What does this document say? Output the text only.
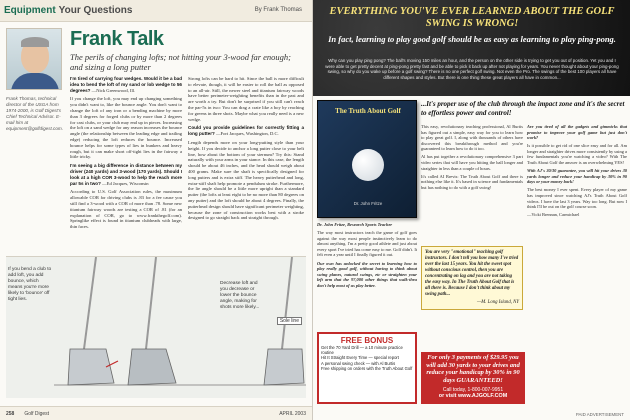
Equipment Your Questions	By Frank Thomas
Frank Talk
The perils of changing lofts; not hitting your 3-wood far enough; and sizing a long putter
Frank Thomas, technical director of the USGA from 1974-2000, is Golf Digest's Chief Technical Advisor. E-mail him at equipment@golfdigest.com.

I'm tired of carrying four wedges. Would it be a bad idea to bend the loft of my sand or lob wedge to 56 degrees? —Nick Greenwood, Ill.

If you change the loft, you may end up changing something you didn't want to, like the bounce angle. You don't want to change the loft of any iron or a bending machine by more than 3 degrees for forged clubs or by more than 2 degrees for cast clubs, or your club may end up in pieces. Increasing the loft on a sand wedge for any reason increases the bounce angle (the relationship between the leading edge and trailing edge) reducing the loft reduces the bounce. Increased bounce helps for some types of lies in bunkers and heavy rough, but it can make short off-tight lies in the fairway a little tricky.

I'm seeing a big difference in distance between my driver (240 yards) and 3-wood (170 yards). Should I look at a high COR 3-wood to help the reach more par 5s in two? —Ed Jacques, Wisconsin

According to U.S. Golf Association rules, the maximum allowable COR for driving clubs is .83 for a fee cause you still find a 3-wood with a COR of more than .78. Some new titanium fairway woods are testing a COR of .81 (for an explanation of COR, go to www.frankthegolf.com). Springlike effect is found in titanium clubheads with large, thin faces.

Strong lofts can be hard to hit. Since the ball is more difficult to elevate, though, it will be easier to roll the ball as opposed to an all-air. Still, the newer steel and titanium fairway woods have better perimeter-weighting benefits than in the past and are worth a try. But don't be surprised if you still can't reach the par-5s in two: You can drag a crate like a boy by reaching for greens in three shots. Maybe what you really need is a new wedge.

Could you provide guidelines for correctly fitting a long putter? —Fort Jacques, Washington, D.C.

Length depends more on your long-putting style than your height. If you decide to anchor a long putter close to your belt line, how about the bottom of your sternum? Try this: Stand naturally with your arms in your stance. In this case, the length should be about 46 inches, and the head should weigh about 400 grams. Make sure the shaft is specifically designed for long putters and is extra stiff. The heavy putterhead and long, extra-stiff shaft help promote a pendulum stroke. Furthermore, the lie angle should be a little more upright than a standard putter (the lofts at least eight to be no more than 80 degrees on any putter) and the loft should be about 4 degrees. Finally, the putterhead design should have significant perimeter weighting, because the zone of construction works best with a stroke designed to go straight back and straight through.

If you bend a club to add loft, you add bounce, which means you're more likely to 'bounce' off tight lies.
Decrease loft and you decrease or lower the bounce angle, making for shots more likely...
Sole line
258 Golf Digest	APRIL 2003
EVERYTHING YOU'VE EVER LEARNED ABOUT THE GOLF SWING IS WRONG!
In fact, learning to play good golf should be as easy as learning to play ping-pong.
Why can you play ping pong? The ball's moving 150 miles an hour, and the person on the other side is trying to get you out of position. Yet you and I were able to get pretty decent at ping-pong pretty fast and be able to pick it back up after not playing for years. You never thought about your ping-pong swing, so why do you wake up before a golf swing? There is no one perfect golf swing. Not even the Pro. The swings of the best 100 players all have different shapes and styles. But there is one thing these great players all have in common...
The Truth About Golf
Dr. John Fritze
...It's proper use of the club through the impact zone and it's the secret to effortless power and control!

Dr. John Fritze, Research Sports Teacher

The way most instructors teach the game of golf goes against the way most people instinctively learn to do almost anything. I'm a pretty good athlete and just about every sport I've tried has come easy to me. Golf didn't. It felt even a year until I finally figured it out.

Our own has unlocked the secret to learning how to play really good golf, without having to think about swing planes, natural swings, etc or straighten your left arm that the 97,000 other things that walk-thru don't help most of us play better.

This easy, revolutionary teaching professional, Al Burtis has figured out a simple, easy way for you to learn how to play great golf. I, along with thousands of others have discovered this breakthrough method and you're guaranteed to learn how to do it too.

Al has put together a revolutionary comprehensive 3 part video series that will have you hitting the ball longer and straighter in less than a couple of hours.

It's called AI Brevis: The Truth About Golf and there is nothing else like it. It's based in science and fundamentals but has nothing to do with a golf swing!

You are very "emotional" teaching golf instructors. I don't tell you how many I've tried over the last 15 years. You hit the sweet spot without conscious control, then you are concentrating on lag and you are not taking the easy way. In The Truth About Golf that is all there is. Because I don't think about my swing path...
—M. Long Island, NY

Are you tired of all the gadgets and gimmicks that promise to improve your golf game but just don't work?

Is it possible to get rid of one slice easy and for all. Am longer and straighter drives more consistently by using a few fundamentals you're watching a video? With The Truth About Golf the answer is an overwhelming YES!

With AJ's 30/30 guarantee, you will hit your drives 30 yards longer and reduce your handicap by 30% in 90 days or your money back!

The best money I ever spent. Every player of my game has improved since watching AJ's Truth About Golf videos. I have the last 3 years. Way too long. But now I think I'll be out on the golf course soon.

—Vicki Brennan, Carmichael

FREE BONUS
Get the 70 Yard Drill — a 10 minute practice routine
Hit It Straight Every Time — special report
A personal swing check — with Al Burtis
Free shipping on orders with the Truth About Golf
For only 3 payments of $29.95 you will add 30 yards to your drives and reduce your handicap by 30% in 90 days GUARANTEED!
Call today, 1-800-007-9951
or visit www.AJGOLF.COM
PAID ADVERTISEMENT
